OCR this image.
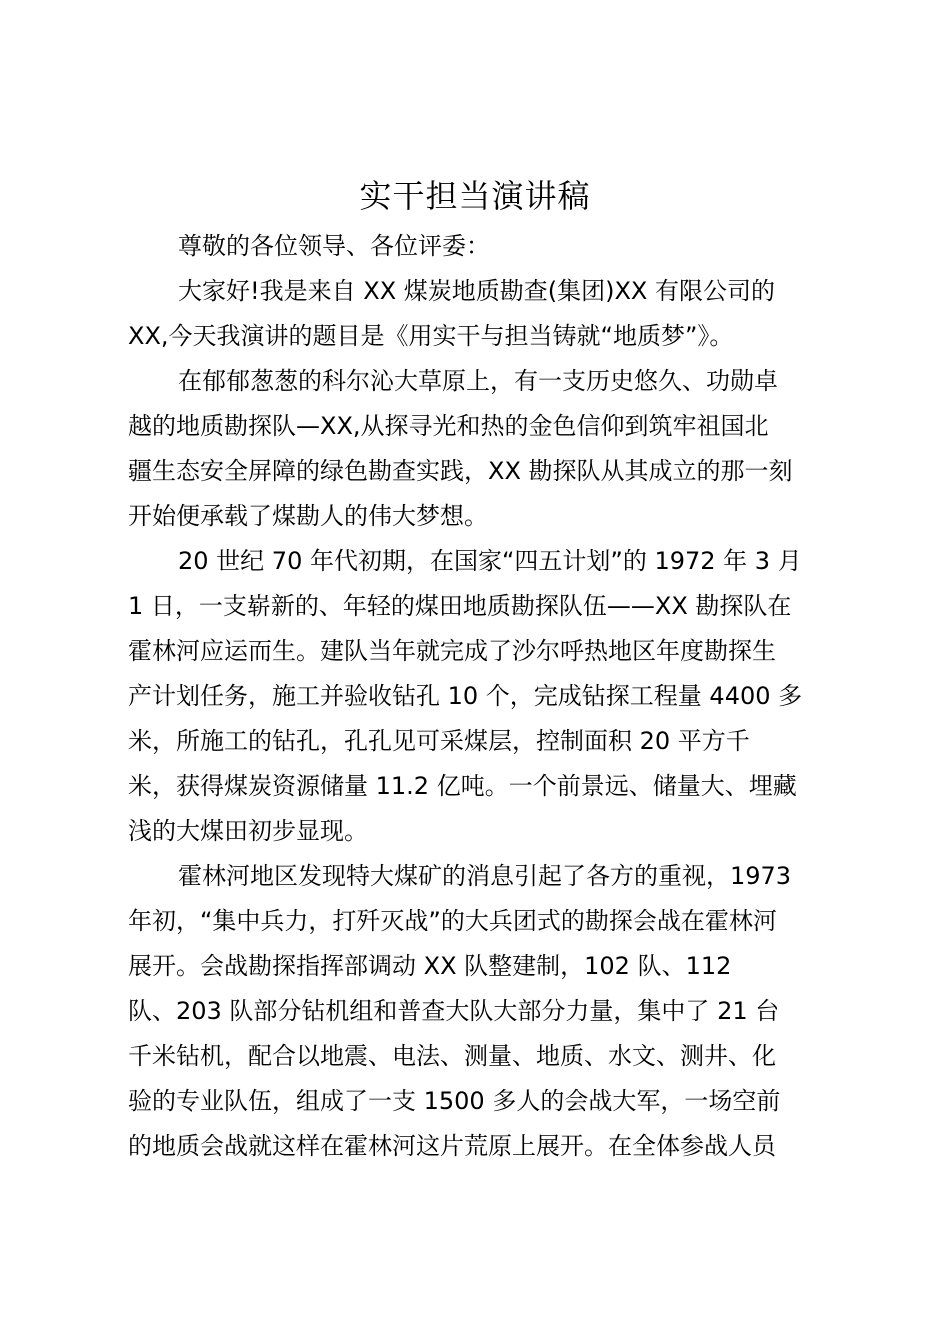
实干担当演讲稿
尊敬的各位领导、各位评委：
大家好!我是来自 XX 煤炭地质勘查(集团)XX 有限公司的
XX,今天我演讲的题目是《用实干与担当铸就“地质梦”》。
在郁郁葱葱的科尔沁大草原上，有一支历史悠久、功勋卓
越的地质勘探队—XX,从探寻光和热的金色信仰到筑牢祖国北
疆生态安全屏障的绿色勘查实践，XX 勘探队从其成立的那一刻
开始便承载了煤勘人的伟大梦想。
20 世纪 70 年代初期，在国家“四五计划”的 1972 年 3 月
1 日，一支崭新的、年轻的煤田地质勘探队伍——XX 勘探队在
霍林河应运而生。建队当年就完成了沙尔呼热地区年度勘探生
产计划任务，施工并验收钻孔 10 个，完成钻探工程量 4400 多
米，所施工的钻孔，孔孔见可采煤层，控制面积 20 平方千
米，获得煤炭资源储量 11.2 亿吨。一个前景远、储量大、埋藏
浅的大煤田初步显现。
霍林河地区发现特大煤矿的消息引起了各方的重视，1973
年初，“集中兵力，打歼灭战”的大兵团式的勘探会战在霍林河
展开。会战勘探指挥部调动 XX 队整建制，102 队、112
队、203 队部分钻机组和普查大队大部分力量，集中了 21 台
千米钻机，配合以地震、电法、测量、地质、水文、测井、化
验的专业队伍，组成了一支 1500 多人的会战大军，一场空前
的地质会战就这样在霍林河这片荒原上展开。在全体参战人员
